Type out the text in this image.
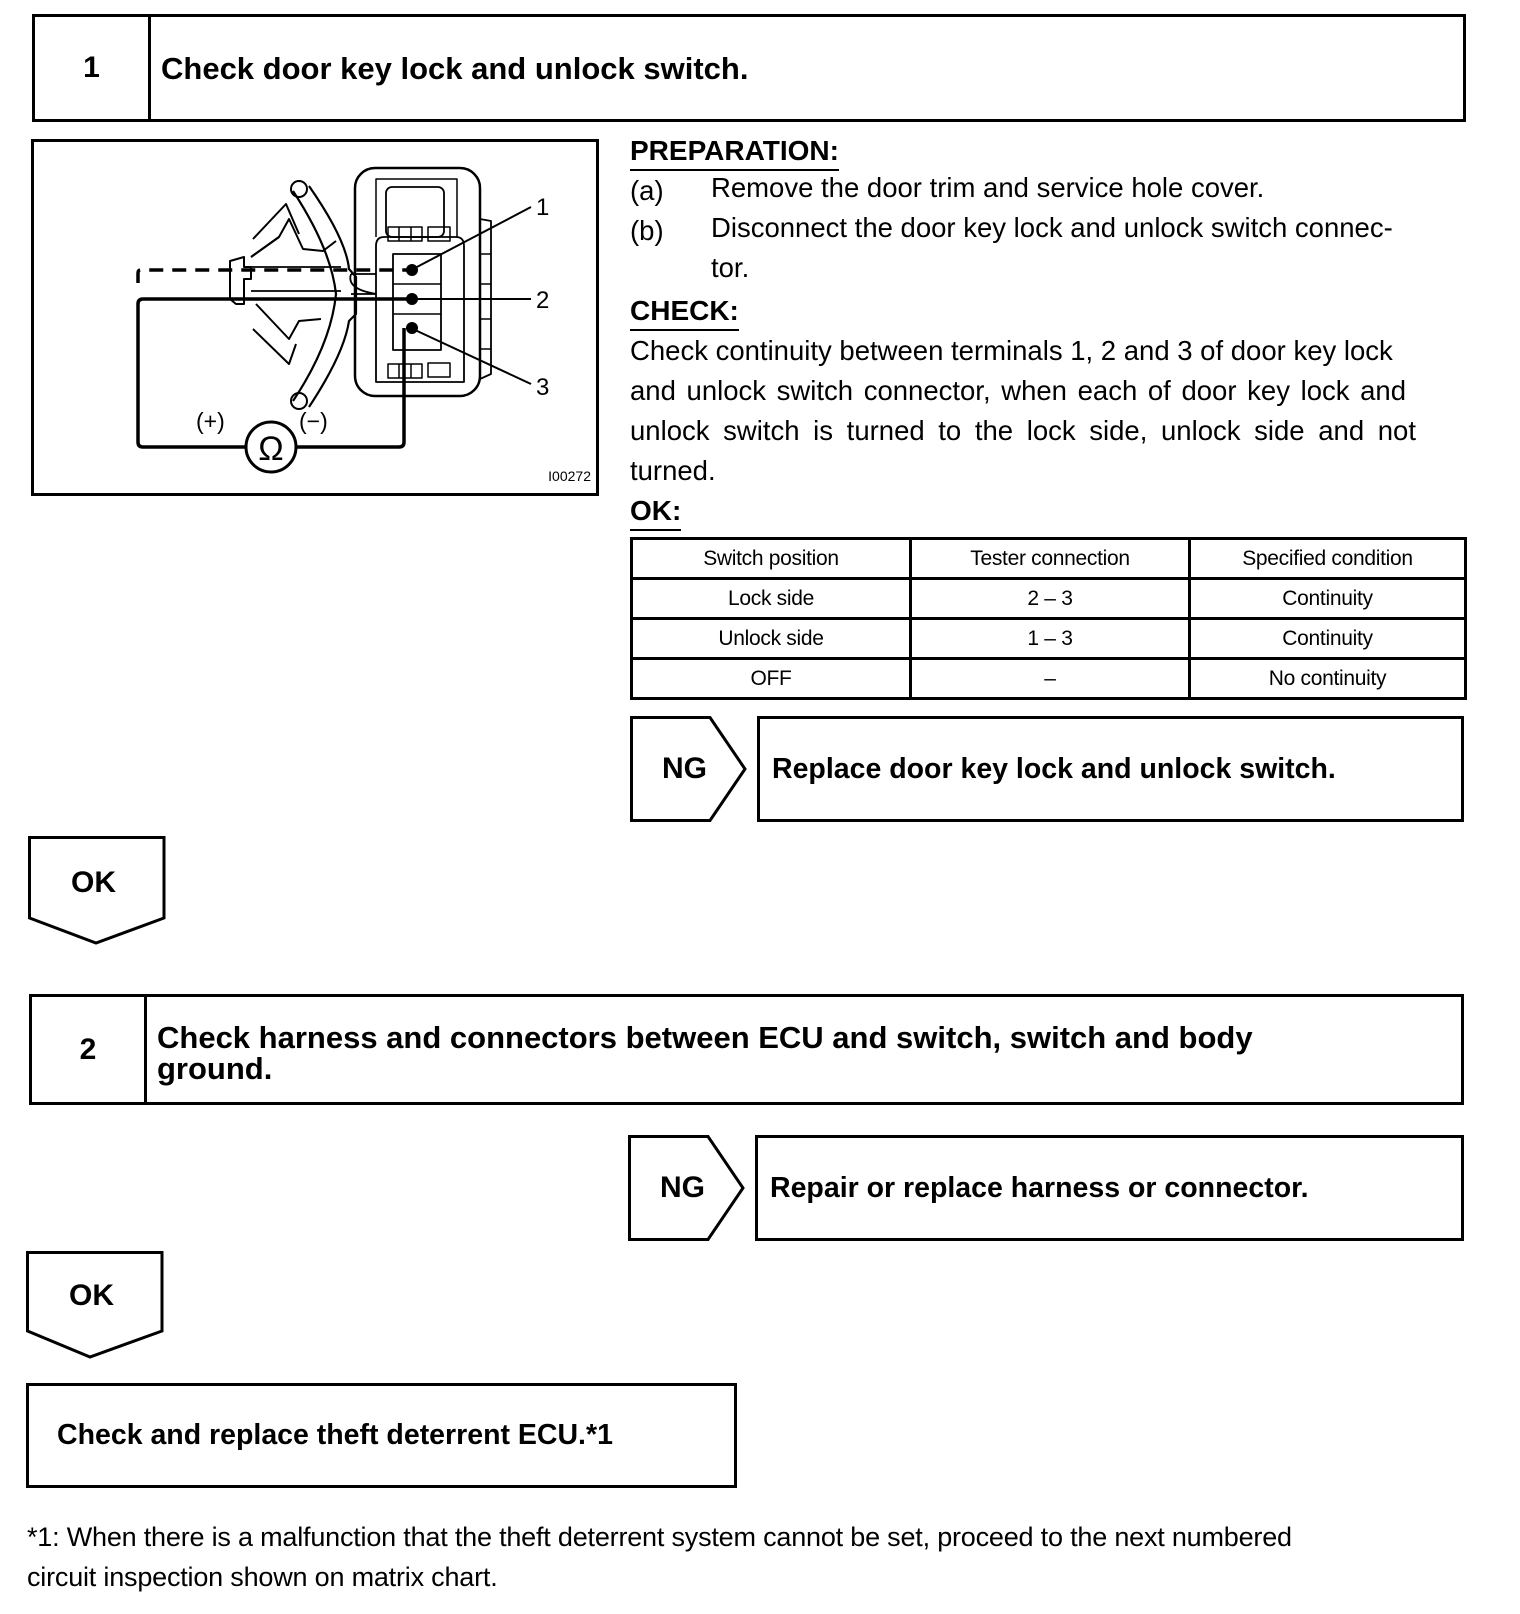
1	Check door key lock and unlock switch.
Ω
(+)	(−)
1
2
3
I00272
PREPARATION:
(a) Remove the door trim and service hole cover.
(b) Disconnect the door key lock and unlock switch connec-
tor.
CHECK:
Check continuity between terminals 1, 2 and 3 of door key lock
and unlock switch connector, when each of door key lock and
unlock switch is turned to the lock side, unlock side and not
turned.
OK:
Switch position	Tester connection	Specified condition
Lock side	2 – 3	Continuity
Unlock side	1 – 3	Continuity
OFF	–	No continuity
NG	Replace door key lock and unlock switch.
OK
2	Check harness and connectors between ECU and switch, switch and body
ground.
NG	Repair or replace harness or connector.
OK
Check and replace theft deterrent ECU.*1
*1: When there is a malfunction that the theft deterrent system cannot be set, proceed to the next numbered
circuit inspection shown on matrix chart.
